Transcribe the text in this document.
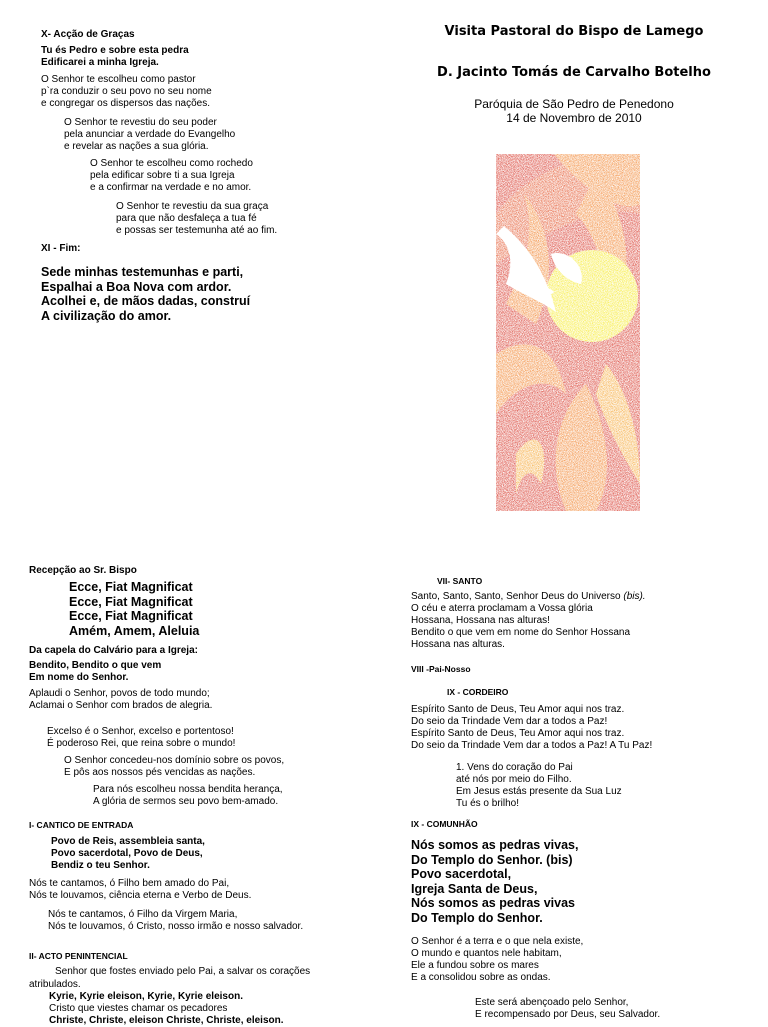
X- Acção de Graças
Tu és Pedro e sobre esta pedra
Edificarei a minha Igreja.
O Senhor te escolheu como pastor
p`ra conduzir o seu povo no seu nome
e congregar os dispersos das nações.
O Senhor te revestiu do seu poder
pela anunciar a verdade do Evangelho
e revelar as nações a sua glória.
O Senhor te escolheu como rochedo
pela edificar sobre ti a sua Igreja
e a confirmar na verdade e no amor.
O Senhor te revestiu da sua graça
para que não desfaleça a tua fé
e possas ser testemunha até ao fim.
XI - Fim:
Sede minhas testemunhas e parti,
Espalhai a Boa Nova com ardor.
Acolhei e, de mãos dadas, construí
A civilização do amor.
Visita Pastoral do Bispo de Lamego
D. Jacinto Tomás de Carvalho Botelho
Paróquia de São Pedro de Penedono
14 de Novembro de 2010
Recepção ao Sr. Bispo
Ecce, Fiat Magnificat
Ecce, Fiat Magnificat
Ecce, Fiat Magnificat
Amém, Amem, Aleluia
Da capela do Calvário para a Igreja:
Bendito, Bendito o que vem
Em nome do Senhor.
Aplaudi o Senhor, povos de todo mundo;
Aclamai o Senhor com brados de alegria.
Excelso é o Senhor, excelso e portentoso!
É poderoso Rei, que reina sobre o mundo!
O Senhor concedeu-nos domínio sobre os povos,
E pôs aos nossos pés vencidas as nações.
Para nós escolheu nossa bendita herança,
A glória de sermos seu povo bem-amado.
I- CANTICO DE ENTRADA
Povo de Reis, assembleia santa,
Povo sacerdotal, Povo de Deus,
Bendiz o teu Senhor.
Nós te cantamos, ó Filho bem amado do Pai,
Nós te louvamos, ciência eterna e Verbo de Deus.
Nós te cantamos, ó Filho da Virgem Maria,
Nós te louvamos, ó Cristo, nosso irmão e nosso salvador.
II- ACTO PENINTENCIAL
Senhor que fostes enviado pelo Pai, a salvar os corações
atribulados.
Kyrie, Kyrie eleison, Kyrie, Kyrie eleison.
Cristo que viestes chamar os pecadores
Christe, Christe, eleison Christe, Christe, eleison.
VII- SANTO
Santo, Santo, Santo, Senhor Deus do Universo (bis).
O céu e aterra proclamam a Vossa glória
Hossana, Hossana nas alturas!
Bendito o que vem em nome do Senhor Hossana
Hossana nas alturas.
VIII -Pai-Nosso
IX - CORDEIRO
Espírito Santo de Deus, Teu Amor aqui nos traz.
Do seio da Trindade Vem dar a todos a Paz!
Espírito Santo de Deus, Teu Amor aqui nos traz.
Do seio da Trindade Vem dar a todos a Paz! A Tu Paz!
1. Vens do coração do Pai
até nós por meio do Filho.
Em Jesus estás presente da Sua Luz
Tu és o brilho!
IX - COMUNHÃO
Nós somos as pedras vivas,
Do Templo do Senhor. (bis)
Povo sacerdotal,
Igreja Santa de Deus,
Nós somos as pedras vivas
Do Templo do Senhor.
O Senhor é a terra e o que nela existe,
O mundo e quantos nele habitam,
Ele a fundou sobre os mares
E a consolidou sobre as ondas.
Este será abençoado pelo Senhor,
E recompensado por Deus, seu Salvador.
